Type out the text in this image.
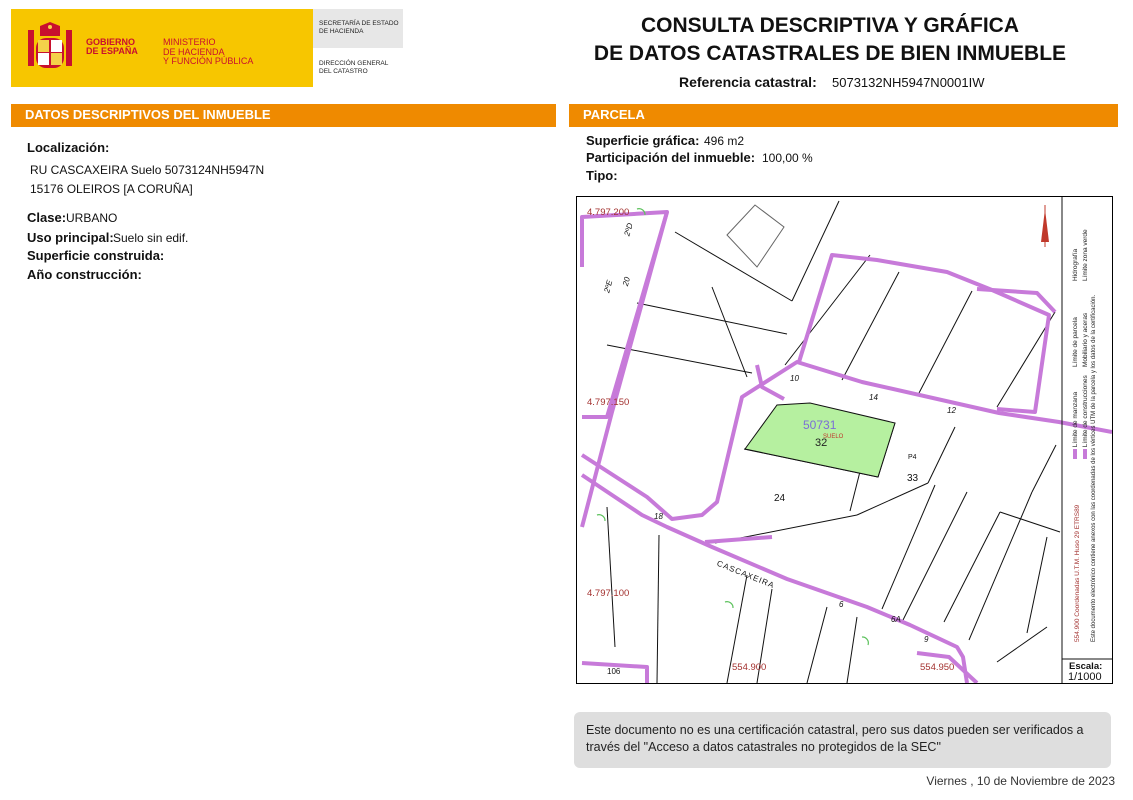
GOBIERNO
DE ESPAÑA
MINISTERIO
DE HACIENDA
Y FUNCIÓN PÚBLICA
SECRETARÍA DE ESTADO
DE HACIENDA
DIRECCIÓN GENERAL
DEL CATASTRO
CONSULTA DESCRIPTIVA Y GRÁFICA
DE DATOS CATASTRALES DE BIEN INMUEBLE
Referencia catastral: 5073132NH5947N0001IW
DATOS DESCRIPTIVOS DEL INMUEBLE
Localización:
RU CASCAXEIRA Suelo 5073124NH5947N
15176 OLEIROS [A CORUÑA]
Clase: URBANO
Uso principal: Suelo sin edif.
Superficie construida:
Año construcción:
PARCELA
Superficie gráfica: 496 m2
Participación del inmueble: 100,00 %
Tipo:
4.797.200
4.797.150
4.797.100
554.900	554.950
50731
32
SUELO
24
33
P4
10
14
12
18
6
6A
9
106
20
2ºE
2ºD
CASCAXEIRA
Límite de manzana Límite de construcciones
Límite de parcela Mobiliario y aceras
Hidrografía Límite zona verde
554.900 Coordenadas U.T.M. Huso 29 ETRS89	Este documento electrónico contiene anexos con las coordenadas de los vértices UTM de la parcela y los datos de la certificación.
Escala:
1/1000
Este documento no es una certificación catastral, pero sus datos pueden ser verificados a
través del "Acceso a datos catastrales no protegidos de la SEC"
Viernes , 10 de Noviembre de 2023
